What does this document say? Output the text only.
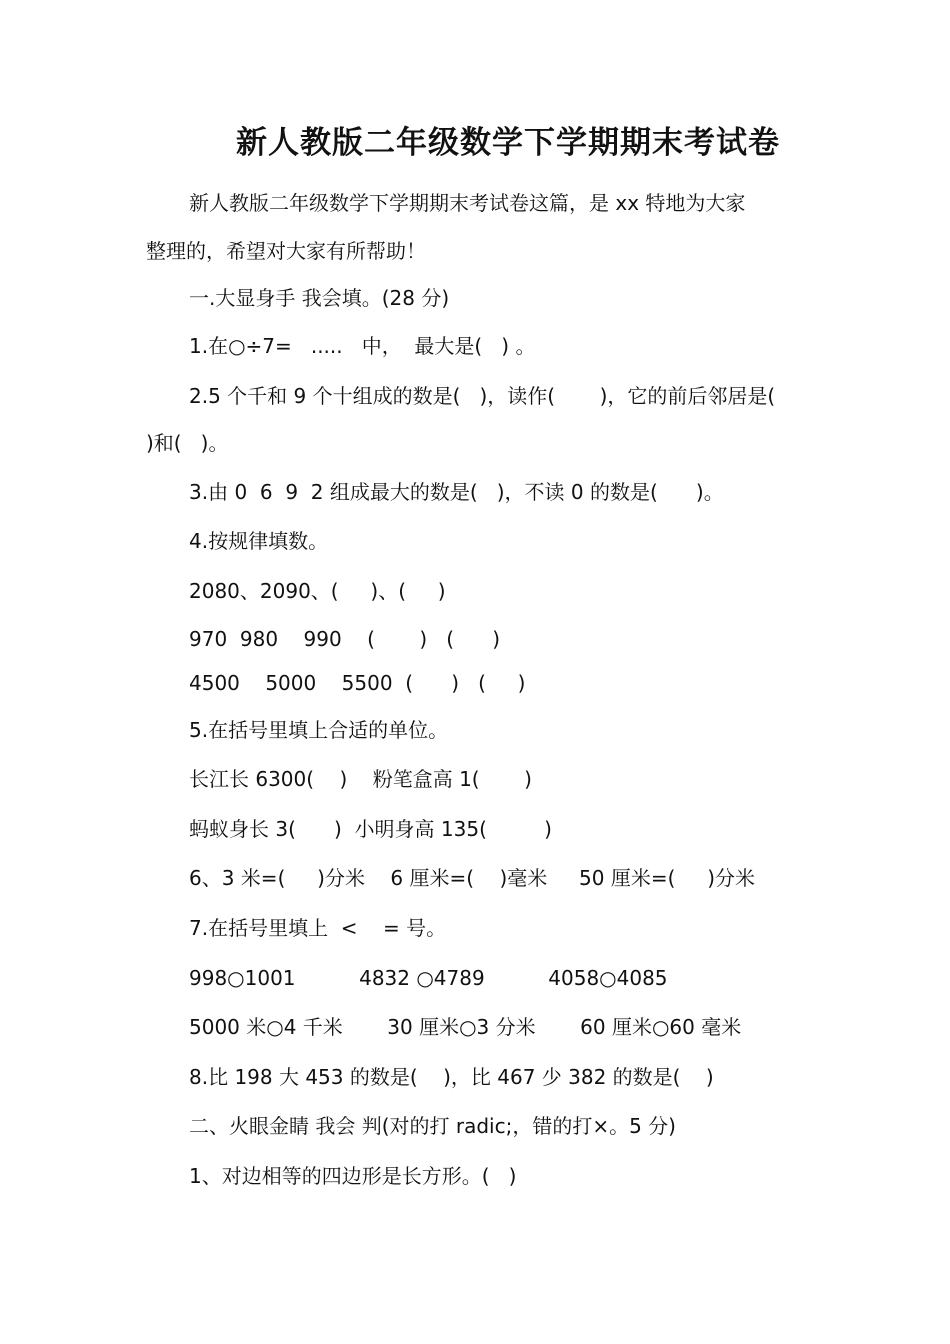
新人教版二年级数学下学期期末考试卷
新人教版二年级数学下学期期末考试卷这篇，是 xx 特地为大家
整理的，希望对大家有所帮助！
一.大显身手 我会填。(28 分)
1.在○÷7=   .....   中，  最大是(   ) 。
2.5 个千和 9 个十组成的数是(   )，读作(       )，它的前后邻居是(
)和(   )。
3.由 0  6  9  2 组成最大的数是(   )，不读 0 的数是(      )。
4.按规律填数。
2080、2090、(     )、(     )
970  980    990    (       )   (      )
4500    5000    5500  (      )   (     )
5.在括号里填上合适的单位。
长江长 6300(    )    粉笔盒高 1(       )
蚂蚁身长 3(      )  小明身高 135(         )
6、3 米=(     )分米    6 厘米=(    )毫米     50 厘米=(     )分米
7.在括号里填上  <    = 号。
998○1001          4832 ○4789          4058○4085
5000 米○4 千米       30 厘米○3 分米       60 厘米○60 毫米
8.比 198 大 453 的数是(    )，比 467 少 382 的数是(    )
二、火眼金睛 我会 判(对的打 radic;，错的打×。5 分)
1、对边相等的四边形是长方形。(   )
